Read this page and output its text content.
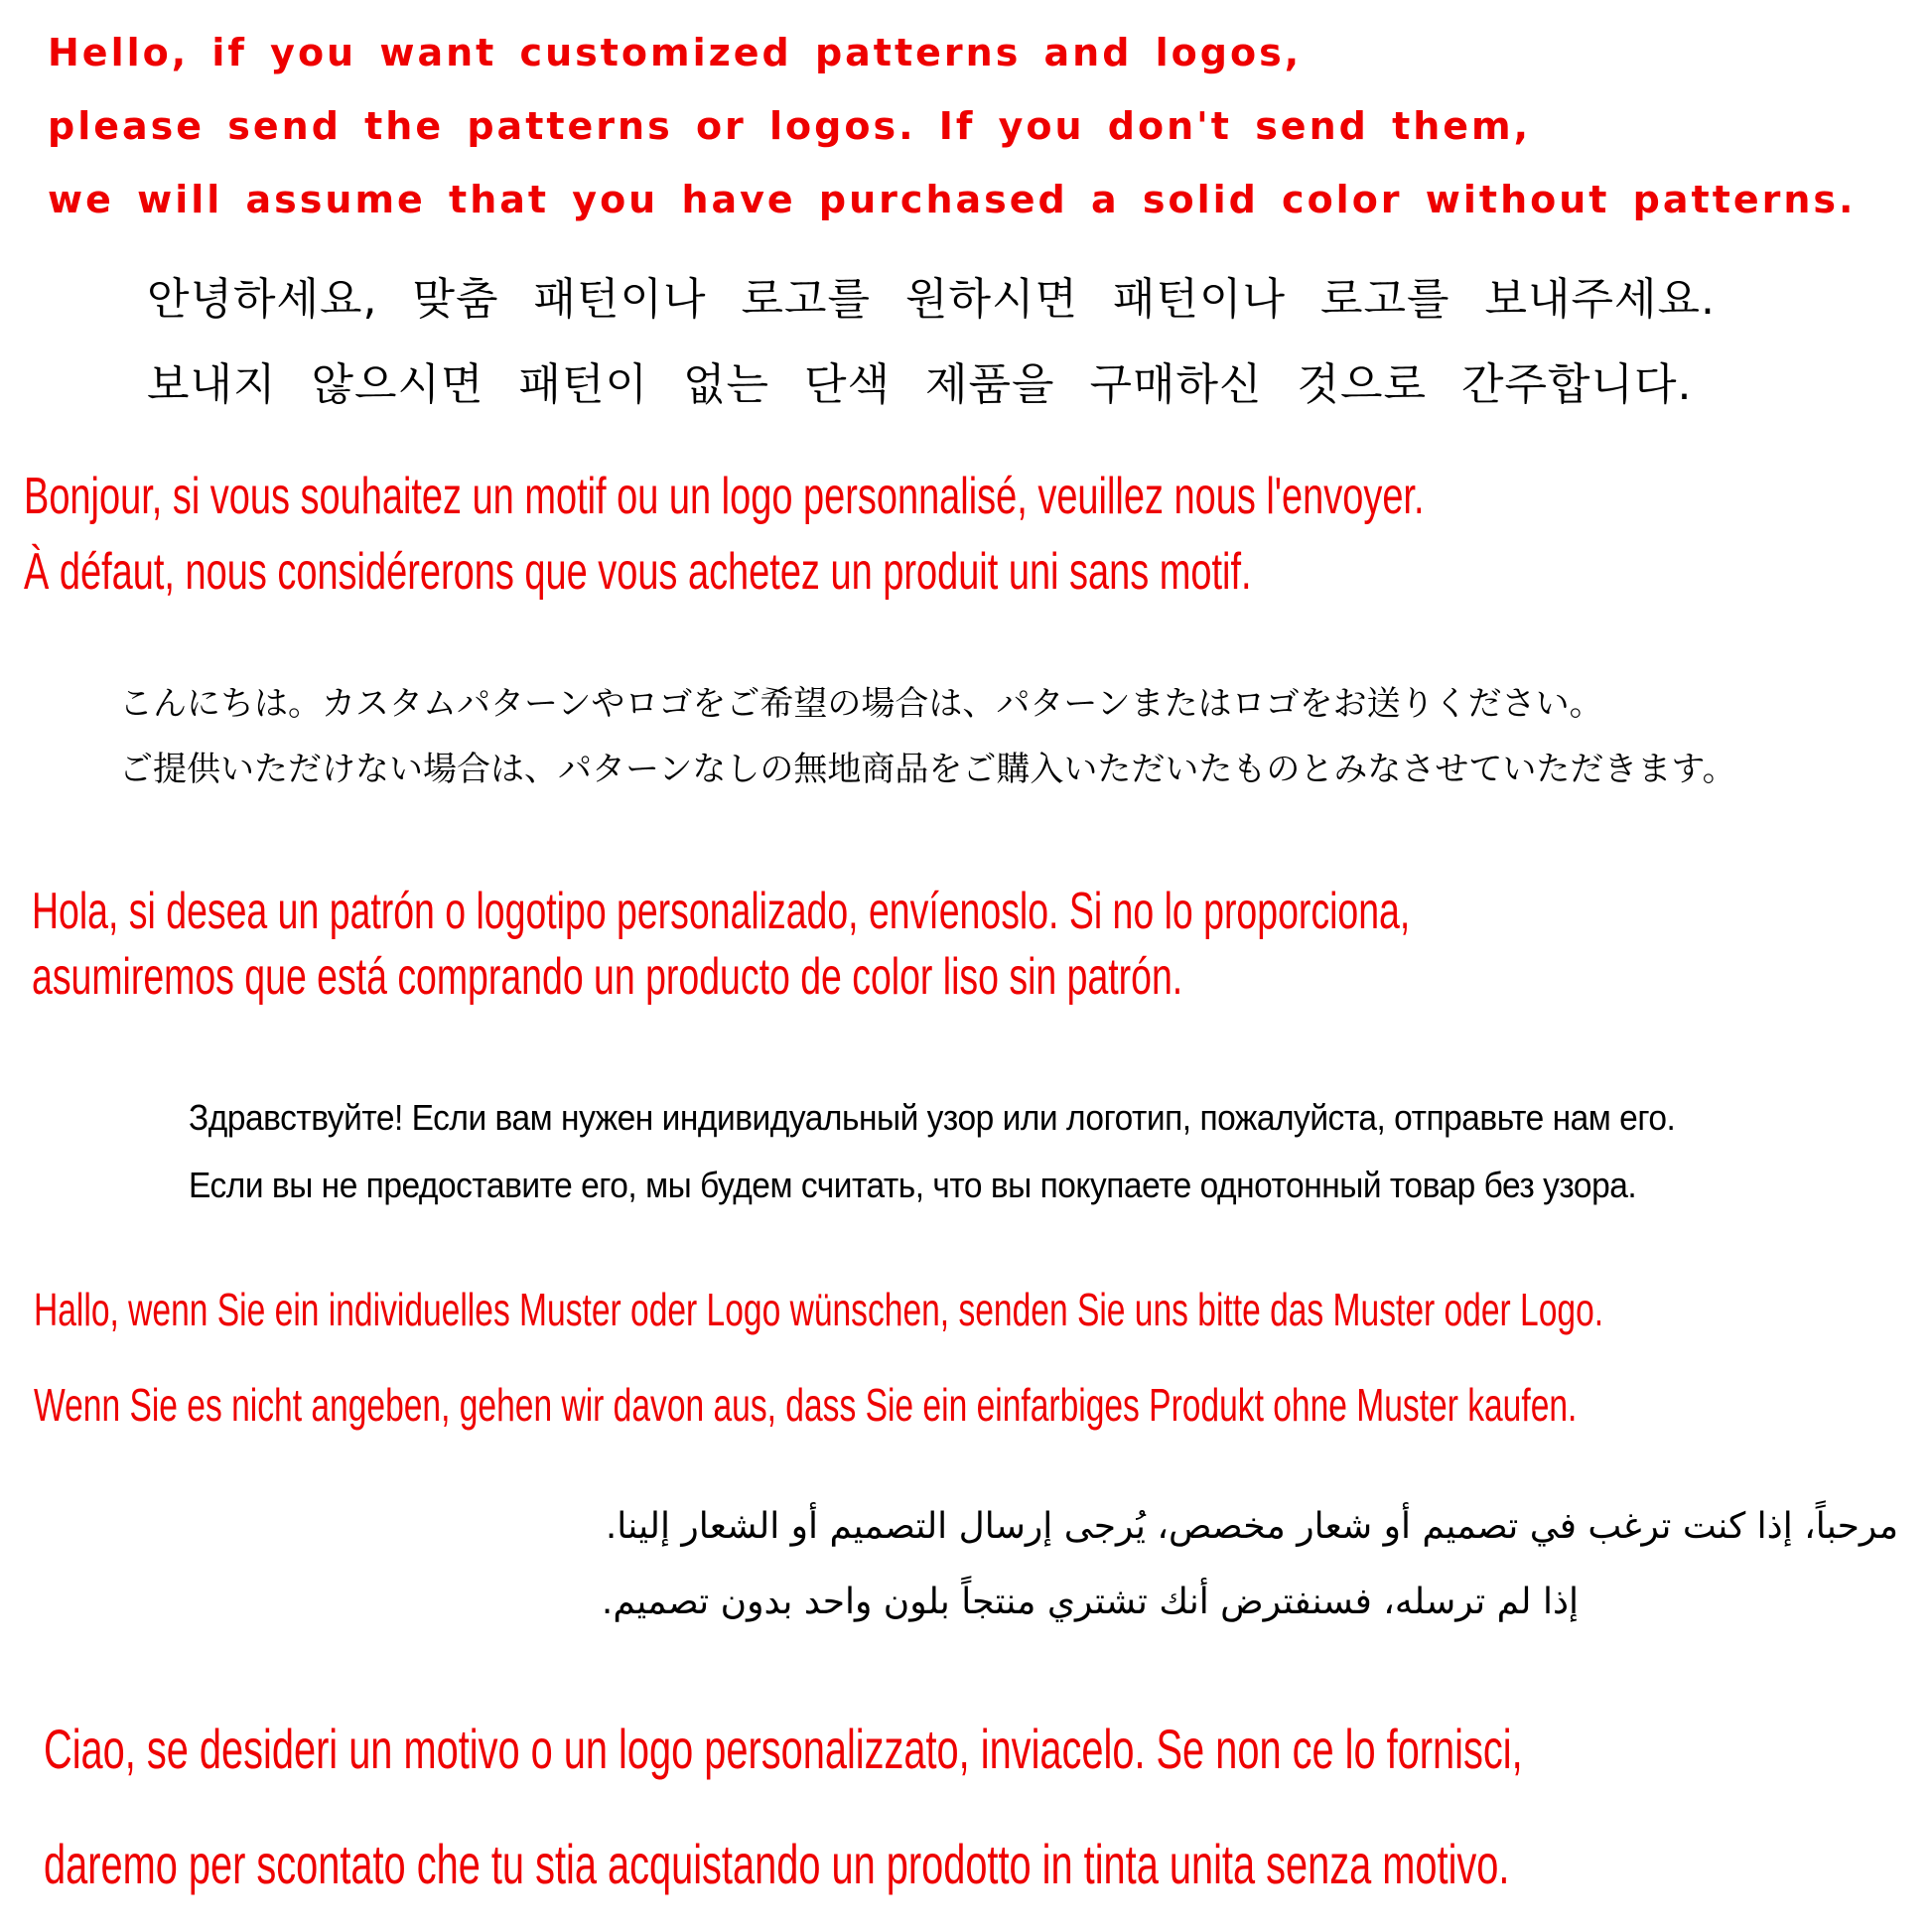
Hello, if you want customized patterns and logos,
please send the patterns or logos. If you don't send them,
we will assume that you have purchased a solid color without patterns.
안녕하세요, 맞춤 패턴이나 로고를 원하시면 패턴이나 로고를 보내주세요.
보내지 않으시면 패턴이 없는 단색 제품을 구매하신 것으로 간주합니다.
Bonjour, si vous souhaitez un motif ou un logo personnalisé, veuillez nous l'envoyer.
À défaut, nous considérerons que vous achetez un produit uni sans motif.
こんにちは。カスタムパターンやロゴをご希望の場合は、パターンまたはロゴをお送りください。
ご提供いただけない場合は、パターンなしの無地商品をご購入いただいたものとみなさせていただきます。
Hola, si desea un patrón o logotipo personalizado, envíenoslo. Si no lo proporciona,
asumiremos que está comprando un producto de color liso sin patrón.
Здравствуйте! Если вам нужен индивидуальный узор или логотип, пожалуйста, отправьте нам его.
Если вы не предоставите его, мы будем считать, что вы покупаете однотонный товар без узора.
Hallo, wenn Sie ein individuelles Muster oder Logo wünschen, senden Sie uns bitte das Muster oder Logo.
Wenn Sie es nicht angeben, gehen wir davon aus, dass Sie ein einfarbiges Produkt ohne Muster kaufen.
مرحباً، إذا كنت ترغب في تصميم أو شعار مخصص، يُرجى إرسال التصميم أو الشعار إلينا.
إذا لم ترسله، فسنفترض أنك تشتري منتجاً بلون واحد بدون تصميم.
Ciao, se desideri un motivo o un logo personalizzato, inviacelo. Se non ce lo fornisci,
daremo per scontato che tu stia acquistando un prodotto in tinta unita senza motivo.
